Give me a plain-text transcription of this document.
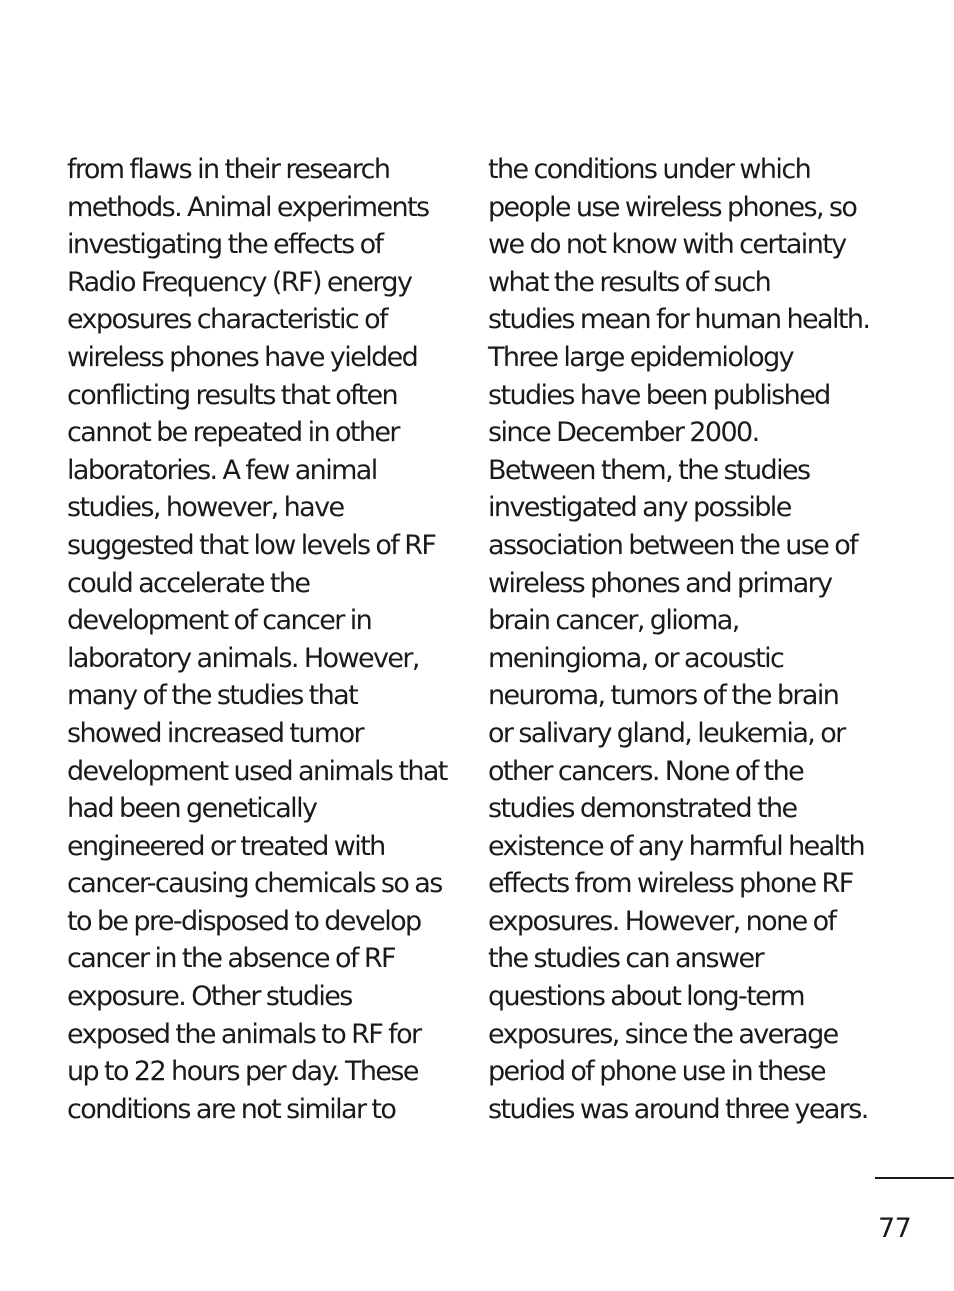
from flaws in their research
methods. Animal experiments
investigating the effects of
Radio Frequency (RF) energy
exposures characteristic of
wireless phones have yielded
conflicting results that often
cannot be repeated in other
laboratories. A few animal
studies, however, have
suggested that low levels of RF
could accelerate the
development of cancer in
laboratory animals. However,
many of the studies that
showed increased tumor
development used animals that
had been genetically
engineered or treated with
cancer-causing chemicals so as
to be pre-disposed to develop
cancer in the absence of RF
exposure. Other studies
exposed the animals to RF for
up to 22 hours per day. These
conditions are not similar to
the conditions under which
people use wireless phones, so
we do not know with certainty
what the results of such
studies mean for human health.
Three large epidemiology
studies have been published
since December 2000.
Between them, the studies
investigated any possible
association between the use of
wireless phones and primary
brain cancer, glioma,
meningioma, or acoustic
neuroma, tumors of the brain
or salivary gland, leukemia, or
other cancers. None of the
studies demonstrated the
existence of any harmful health
effects from wireless phone RF
exposures. However, none of
the studies can answer
questions about long-term
exposures, since the average
period of phone use in these
studies was around three years.
77
